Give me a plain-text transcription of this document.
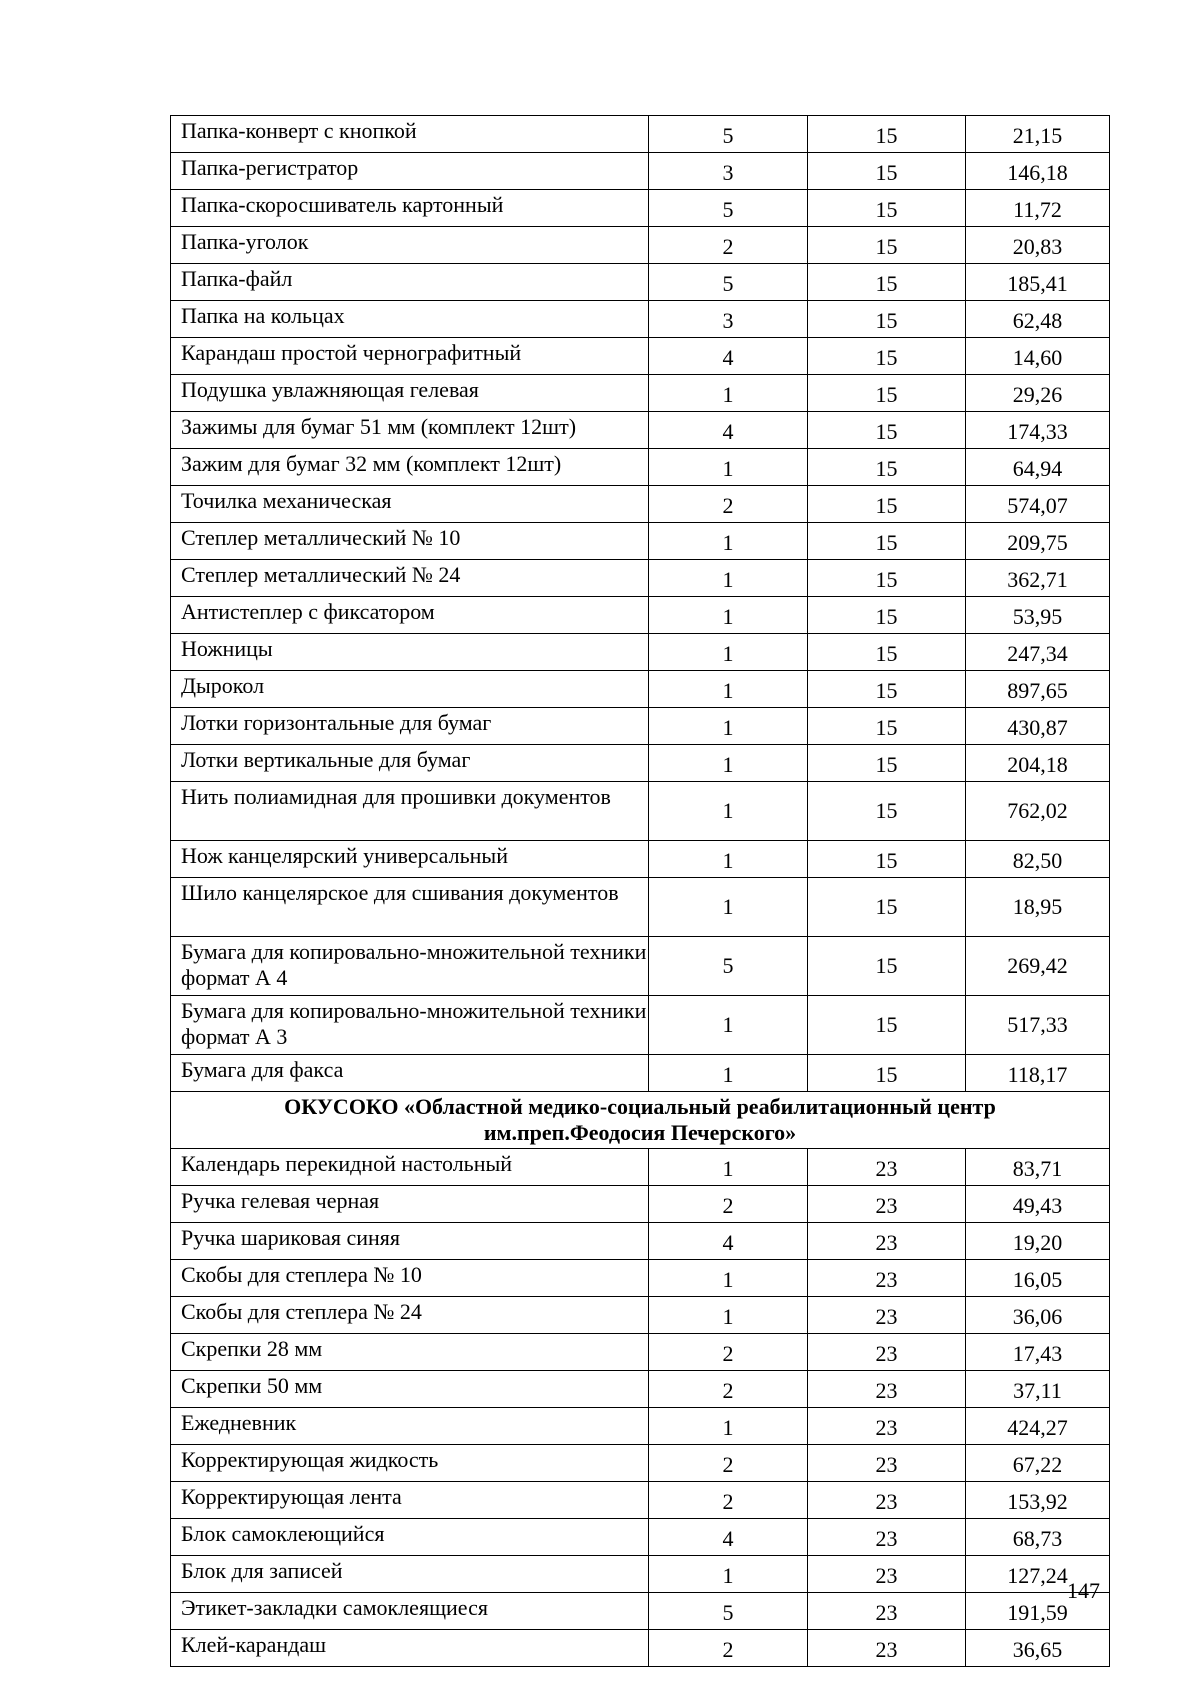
Папка-конверт с кнопкой	5	15	21,15
Папка-регистратор	3	15	146,18
Папка-скоросшиватель картонный	5	15	11,72
Папка-уголок	2	15	20,83
Папка-файл	5	15	185,41
Папка на кольцах	3	15	62,48
Карандаш простой чернографитный	4	15	14,60
Подушка увлажняющая гелевая	1	15	29,26
Зажимы для бумаг 51 мм (комплект 12шт)	4	15	174,33
Зажим для бумаг 32 мм (комплект 12шт)	1	15	64,94
Точилка механическая	2	15	574,07
Степлер металлический № 10	1	15	209,75
Степлер металлический № 24	1	15	362,71
Антистеплер с фиксатором	1	15	53,95
Ножницы	1	15	247,34
Дырокол	1	15	897,65
Лотки горизонтальные для бумаг	1	15	430,87
Лотки вертикальные для бумаг	1	15	204,18
Нить полиамидная для прошивки документов	1	15	762,02
Нож канцелярский универсальный	1	15	82,50
Шило канцелярское для сшивания документов	1	15	18,95
Бумага для копировально-множительной техники формат А 4	5	15	269,42
Бумага для копировально-множительной техники формат А 3	1	15	517,33
Бумага для факса	1	15	118,17
ОКУСОКО «Областной медико-социальный реабилитационный центр им.преп.Феодосия Печерского»			
Календарь перекидной настольный	1	23	83,71
Ручка гелевая черная	2	23	49,43
Ручка шариковая синяя	4	23	19,20
Скобы для степлера № 10	1	23	16,05
Скобы для степлера № 24	1	23	36,06
Скрепки 28 мм	2	23	17,43
Скрепки 50 мм	2	23	37,11
Ежедневник	1	23	424,27
Корректирующая жидкость	2	23	67,22
Корректирующая лента	2	23	153,92
Блок самоклеющийся	4	23	68,73
Блок для записей	1	23	127,24
Этикет-закладки самоклеящиеся	5	23	191,59
Клей-карандаш	2	23	36,65
147
